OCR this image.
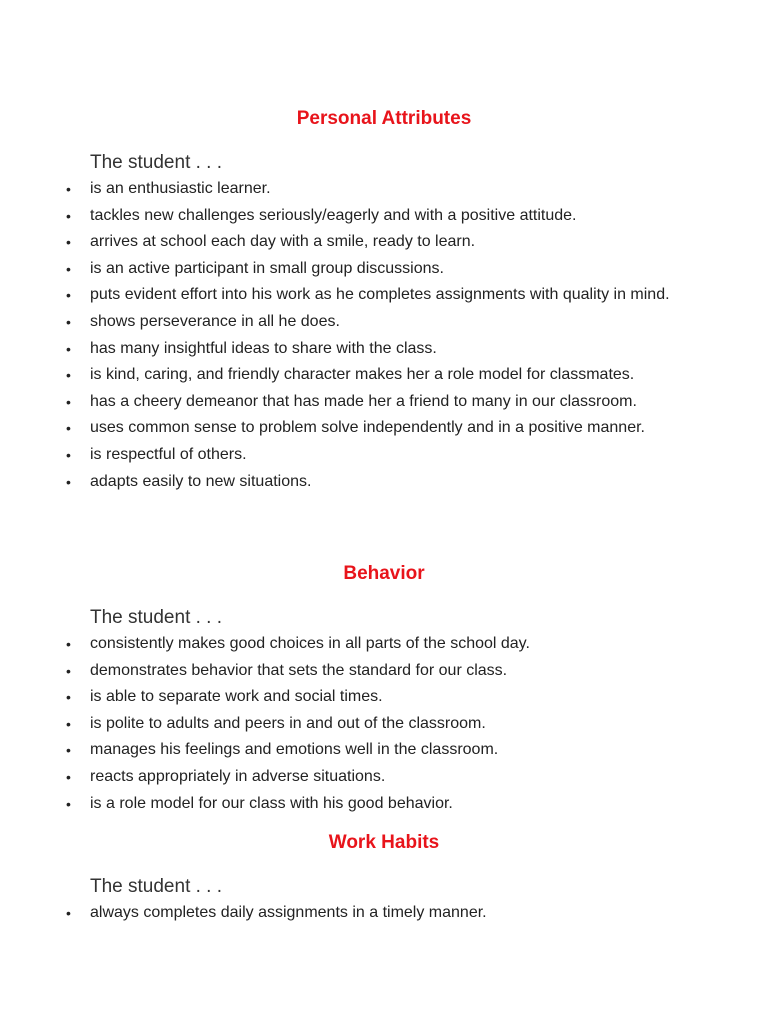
Personal Attributes

The student . . .

• is an enthusiastic learner.
• tackles new challenges seriously/eagerly and with a positive attitude.
• arrives at school each day with a smile, ready to learn.
• is an active participant in small group discussions.
• puts evident effort into his work as he completes assignments with quality in mind.
• shows perseverance in all he does.
• has many insightful ideas to share with the class.
• is kind, caring, and friendly character makes her a role model for classmates.
• has a cheery demeanor that has made her a friend to many in our classroom.
• uses common sense to problem solve independently and in a positive manner.
• is respectful of others.
• adapts easily to new situations.
Behavior

The student . . .

• consistently makes good choices in all parts of the school day.
• demonstrates behavior that sets the standard for our class.
• is able to separate work and social times.
• is polite to adults and peers in and out of the classroom.
• manages his feelings and emotions well in the classroom.
• reacts appropriately in adverse situations.
• is a role model for our class with his good behavior.
Work Habits

The student . . .

• always completes daily assignments in a timely manner.
